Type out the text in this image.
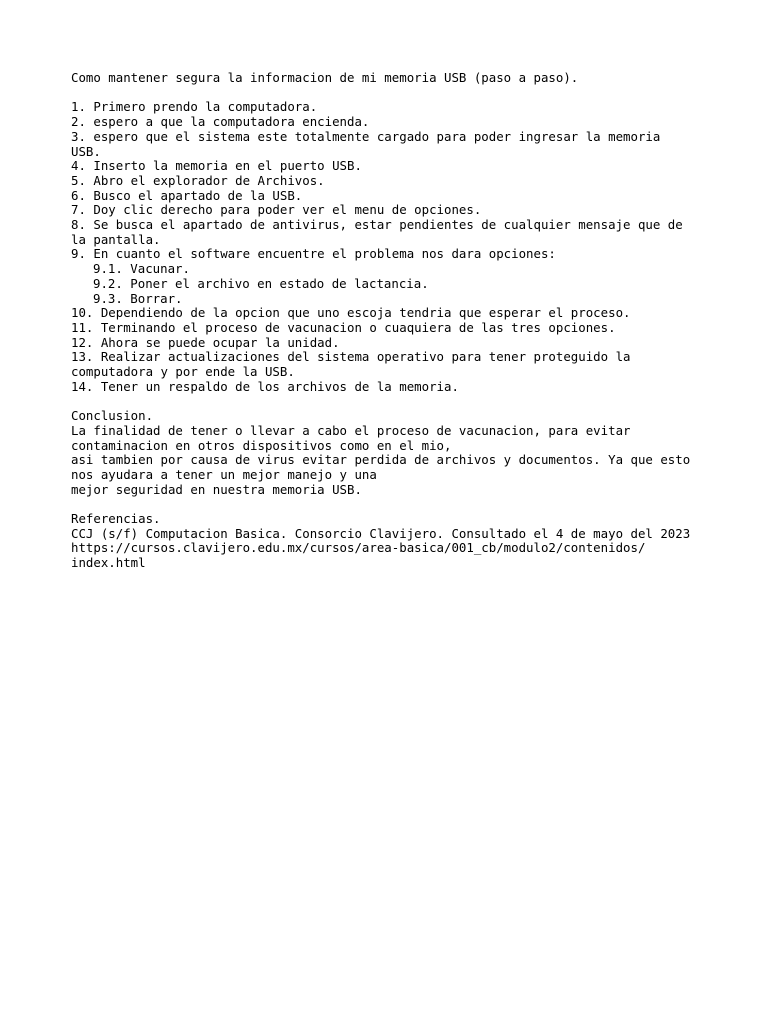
Como mantener segura la informacion de mi memoria USB (paso a paso).
1. Primero prendo la computadora.
2. espero a que la computadora encienda.
3. espero que el sistema este totalmente cargado para poder ingresar la memoria
USB.
4. Inserto la memoria en el puerto USB.
5. Abro el explorador de Archivos.
6. Busco el apartado de la USB.
7. Doy clic derecho para poder ver el menu de opciones.
8. Se busca el apartado de antivirus, estar pendientes de cualquier mensaje que de
la pantalla.
9. En cuanto el software encuentre el problema nos dara opciones:
9.1. Vacunar.
9.2. Poner el archivo en estado de lactancia.
9.3. Borrar.
10. Dependiendo de la opcion que uno escoja tendria que esperar el proceso.
11. Terminando el proceso de vacunacion o cuaquiera de las tres opciones.
12. Ahora se puede ocupar la unidad.
13. Realizar actualizaciones del sistema operativo para tener proteguido la
computadora y por ende la USB.
14. Tener un respaldo de los archivos de la memoria.
Conclusion.
La finalidad de tener o llevar a cabo el proceso de vacunacion, para evitar
contaminacion en otros dispositivos como en el mio,
asi tambien por causa de virus evitar perdida de archivos y documentos. Ya que esto
nos ayudara a tener un mejor manejo y una
mejor seguridad en nuestra memoria USB.
Referencias.
CCJ (s/f) Computacion Basica. Consorcio Clavijero. Consultado el 4 de mayo del 2023
https://cursos.clavijero.edu.mx/cursos/area-basica/001_cb/modulo2/contenidos/
index.html
